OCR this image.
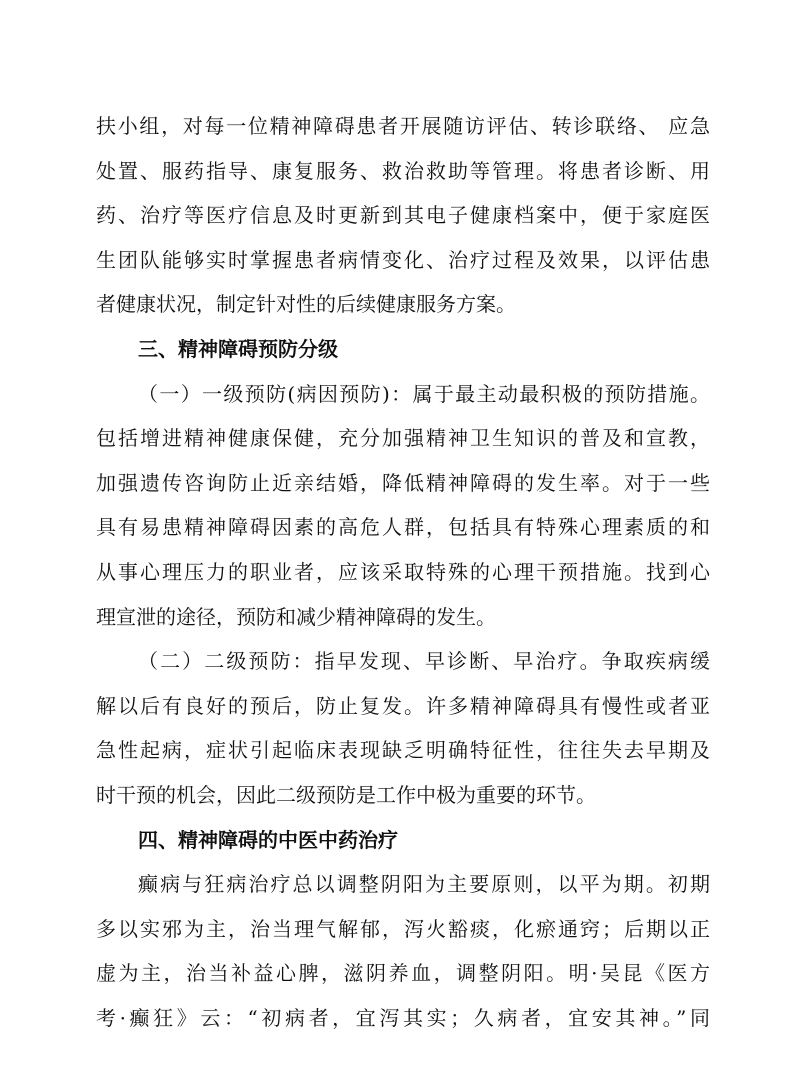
扶小组，对每一位精神障碍患者开展随访评估、转诊联络、 应急
处置、服药指导、康复服务、救治救助等管理。将患者诊断、用
药、治疗等医疗信息及时更新到其电子健康档案中，便于家庭医
生团队能够实时掌握患者病情变化、治疗过程及效果，以评估患
者健康状况，制定针对性的后续健康服务方案。
三、精神障碍预防分级
（一）一级预防(病因预防)：属于最主动最积极的预防措施。
包括增进精神健康保健，充分加强精神卫生知识的普及和宣教，
加强遗传咨询防止近亲结婚，降低精神障碍的发生率。对于一些
具有易患精神障碍因素的高危人群，包括具有特殊心理素质的和
从事心理压力的职业者，应该采取特殊的心理干预措施。找到心
理宣泄的途径，预防和减少精神障碍的发生。
（二）二级预防：指早发现、早诊断、早治疗。争取疾病缓
解以后有良好的预后，防止复发。许多精神障碍具有慢性或者亚
急性起病，症状引起临床表现缺乏明确特征性，往往失去早期及
时干预的机会，因此二级预防是工作中极为重要的环节。
四、精神障碍的中医中药治疗
癫病与狂病治疗总以调整阴阳为主要原则，以平为期。初期
多以实邪为主，治当理气解郁，泻火豁痰，化瘀通窍；后期以正
虚为主，治当补益心脾，滋阴养血，调整阴阳。明·吴昆《医方
考·癫狂》云：“初病者，宜泻其实；久病者，宜安其神。”同
